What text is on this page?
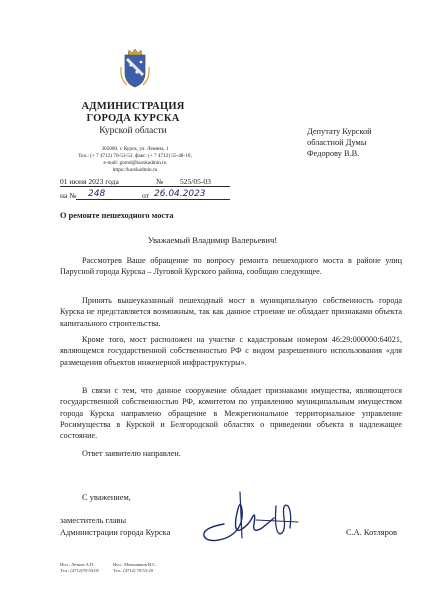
АДМИНИСТРАЦИЯ
ГОРОДА КУРСКА
Курской области
305000, г. Курск, ул. Ленина, 1
Тел.: (+ 7 4712) 70-53-53, факс: (+ 7 4712) 55-48-16;
e-mail: gorod@kurskadmin.ru
https://kurskadmin.ru
01 июня 2023 года	№ 525/05-03
на № 248	от 26.04.2023
Депутату Курской
областной Думы
Федорову В.В.
О ремонте пешеходного моста
Уважаемый Владимир Валерьевич!
Рассмотрев Ваше обращение по вопросу ремонта пешеходного моста в районе улиц Парусной города Курска – Луговой Курского района, сообщаю следующее.
Принять вышеуказанный пешеходный мост в муниципальную собственность города Курска не представляется возможным, так как данное строение не обладает признаками объекта капитального строительства.
Кроме того, мост расположен на участке с кадастровым номером 46:29:000000:64021, являющемся государственной собственностью РФ с видом разрешенного использования «для размещения объектов инженерной инфраструктуры».
В связи с тем, что данное сооружение обладает признаками имущества, являющегося государственной собственностью РФ, комитетом по управлению муниципальным имуществом города Курска направлено обращение в Межрегиональное территориальное управление Росимущества в Курской и Белгородской областях о приведении объекта в надлежащее состояние.
Ответ заявителю направлен.
С уважением,
заместитель главы
Администрации города Курска	С.А. Котляров
Исп.: Летков А.П.
Тел.: (4712)70-54-05
Исп.: Меньшиков И.С.
Тел.: (4712) 70-53-29
